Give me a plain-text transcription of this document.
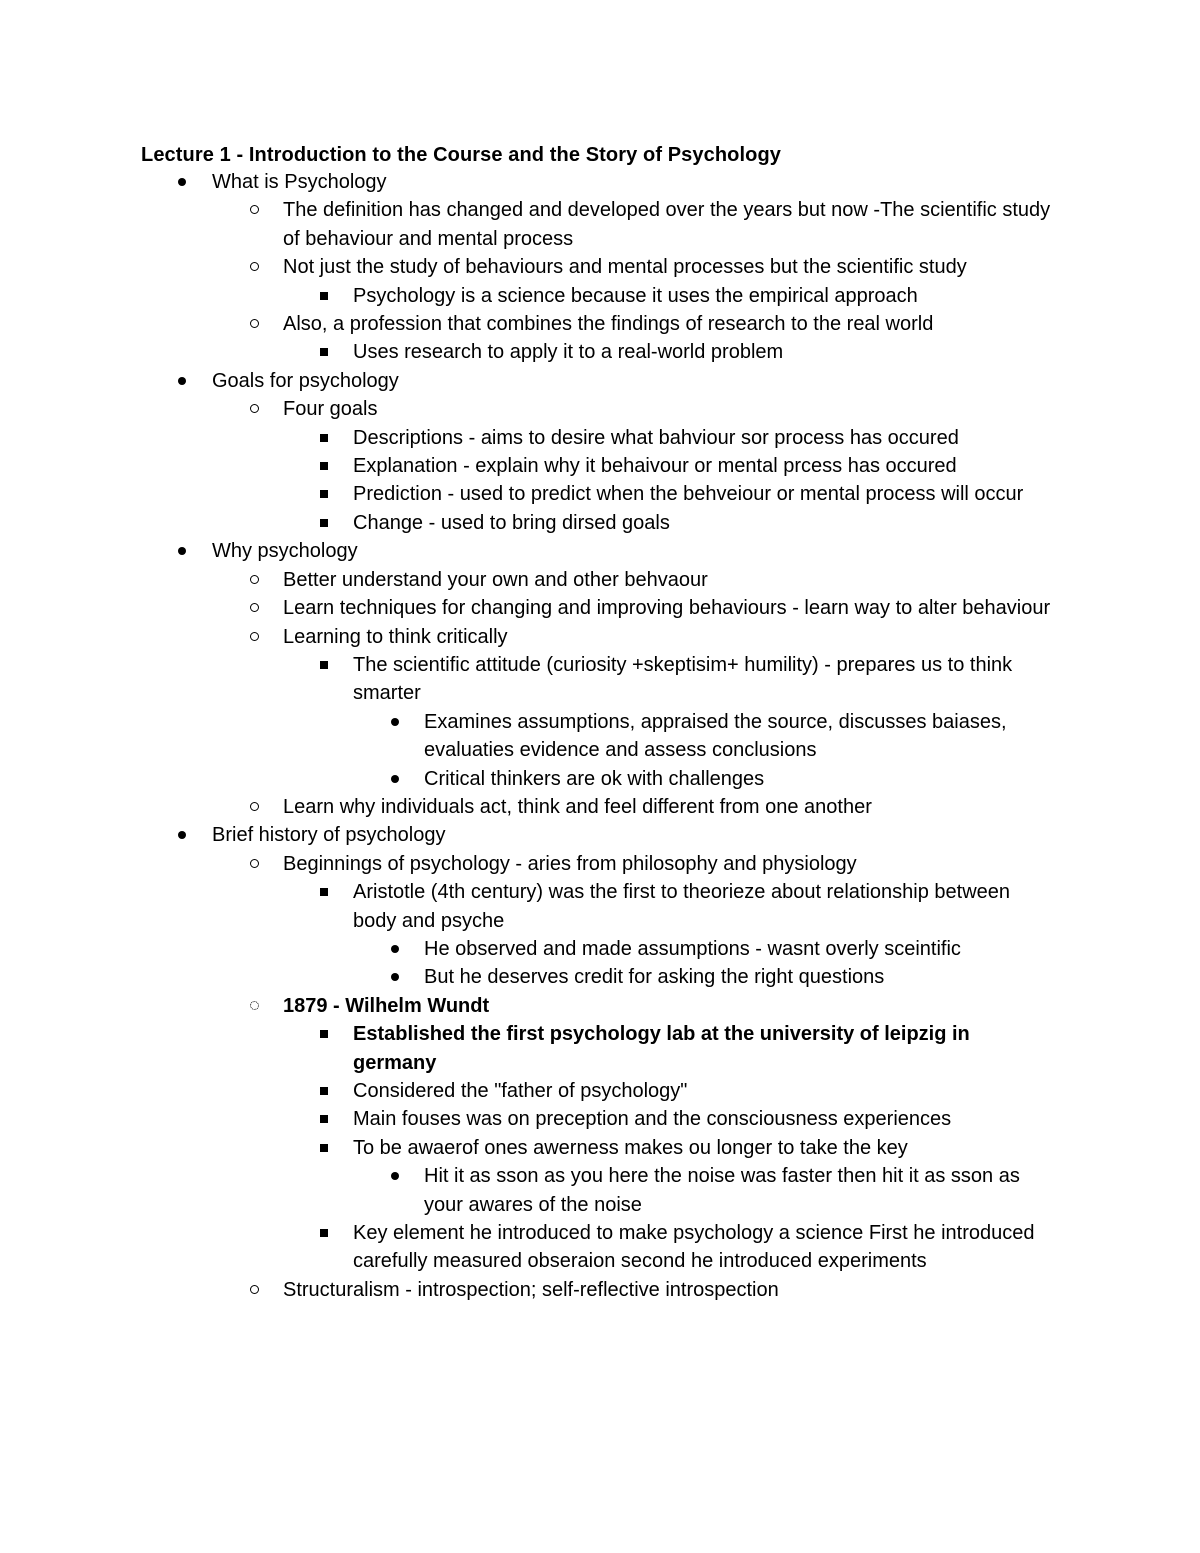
Lecture 1 - Introduction to the Course and the Story of Psychology
What is Psychology
The definition has changed and developed over the years but now -The scientific study of behaviour and mental process
Not just the study of behaviours and mental processes but the scientific study
Psychology is a science because it uses the empirical approach
Also, a profession that combines the findings of research to the real world
Uses research to apply it to a real-world problem
Goals for psychology
Four goals
Descriptions - aims to desire what bahviour sor process has occured
Explanation - explain why it behaivour or mental prcess has occured
Prediction - used to predict when the behveiour or mental process will occur
Change - used to bring dirsed goals
Why psychology
Better understand your own and other behvaour
Learn techniques for changing and improving behaviours - learn way to alter behaviour
Learning to think critically
The scientific attitude (curiosity +skeptisim+ humility) - prepares us to think smarter
Examines assumptions, appraised the source, discusses baiases, evaluaties evidence and assess conclusions
Critical thinkers are ok with challenges
Learn why individuals act, think and feel different from one another
Brief history of psychology
Beginnings of psychology - aries from philosophy and physiology
Aristotle (4th century) was the first to theorieze about relationship between body and psyche
He observed and made assumptions - wasnt overly sceintific
But he deserves credit for asking the right questions
1879 - Wilhelm Wundt
Established the first psychology lab at the university of leipzig in germany
Considered the "father of psychology"
Main fouses was on preception and the consciousness experiences
To be awaerof ones awerness makes ou longer to take the key
Hit it as sson as you here the noise was faster then hit it as sson as your awares of the noise
Key element he introduced to make psychology a science First he introduced carefully measured obseraion second he introduced experiments
Structuralism - introspection; self-reflective introspection
